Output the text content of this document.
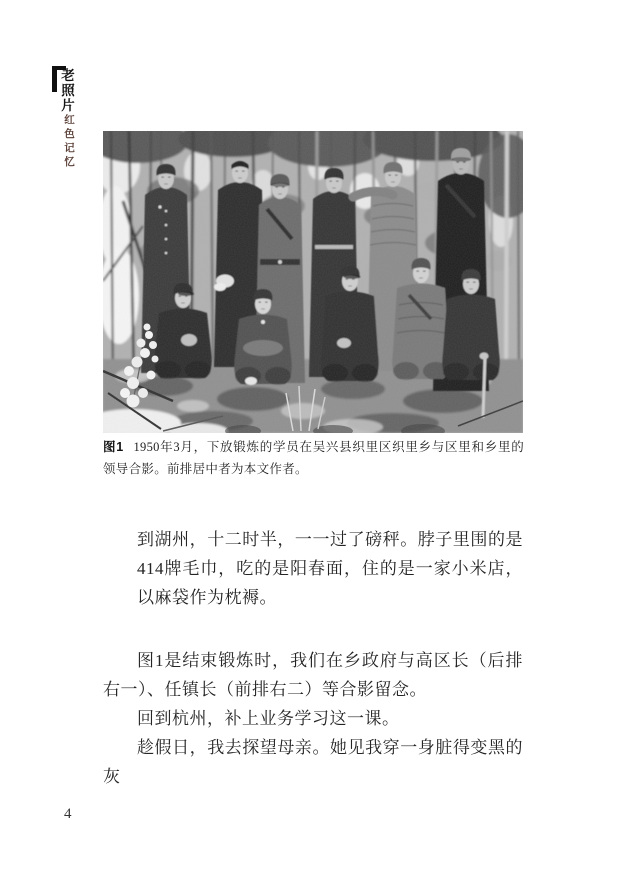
老照片
红色记忆

图1 1950年3月，下放锻炼的学员在吴兴县织里区织里乡与区里和乡里的领导合影。前排居中者为本文作者。

到湖州，十二时半，一一过了磅秤。脖子里围的是414牌毛巾，吃的是阳春面，住的是一家小米店，以麻袋作为枕褥。

图1是结束锻炼时，我们在乡政府与高区长（后排右一）、任镇长（前排右二）等合影留念。

回到杭州，补上业务学习这一课。

趁假日，我去探望母亲。她见我穿一身脏得变黑的灰

4
